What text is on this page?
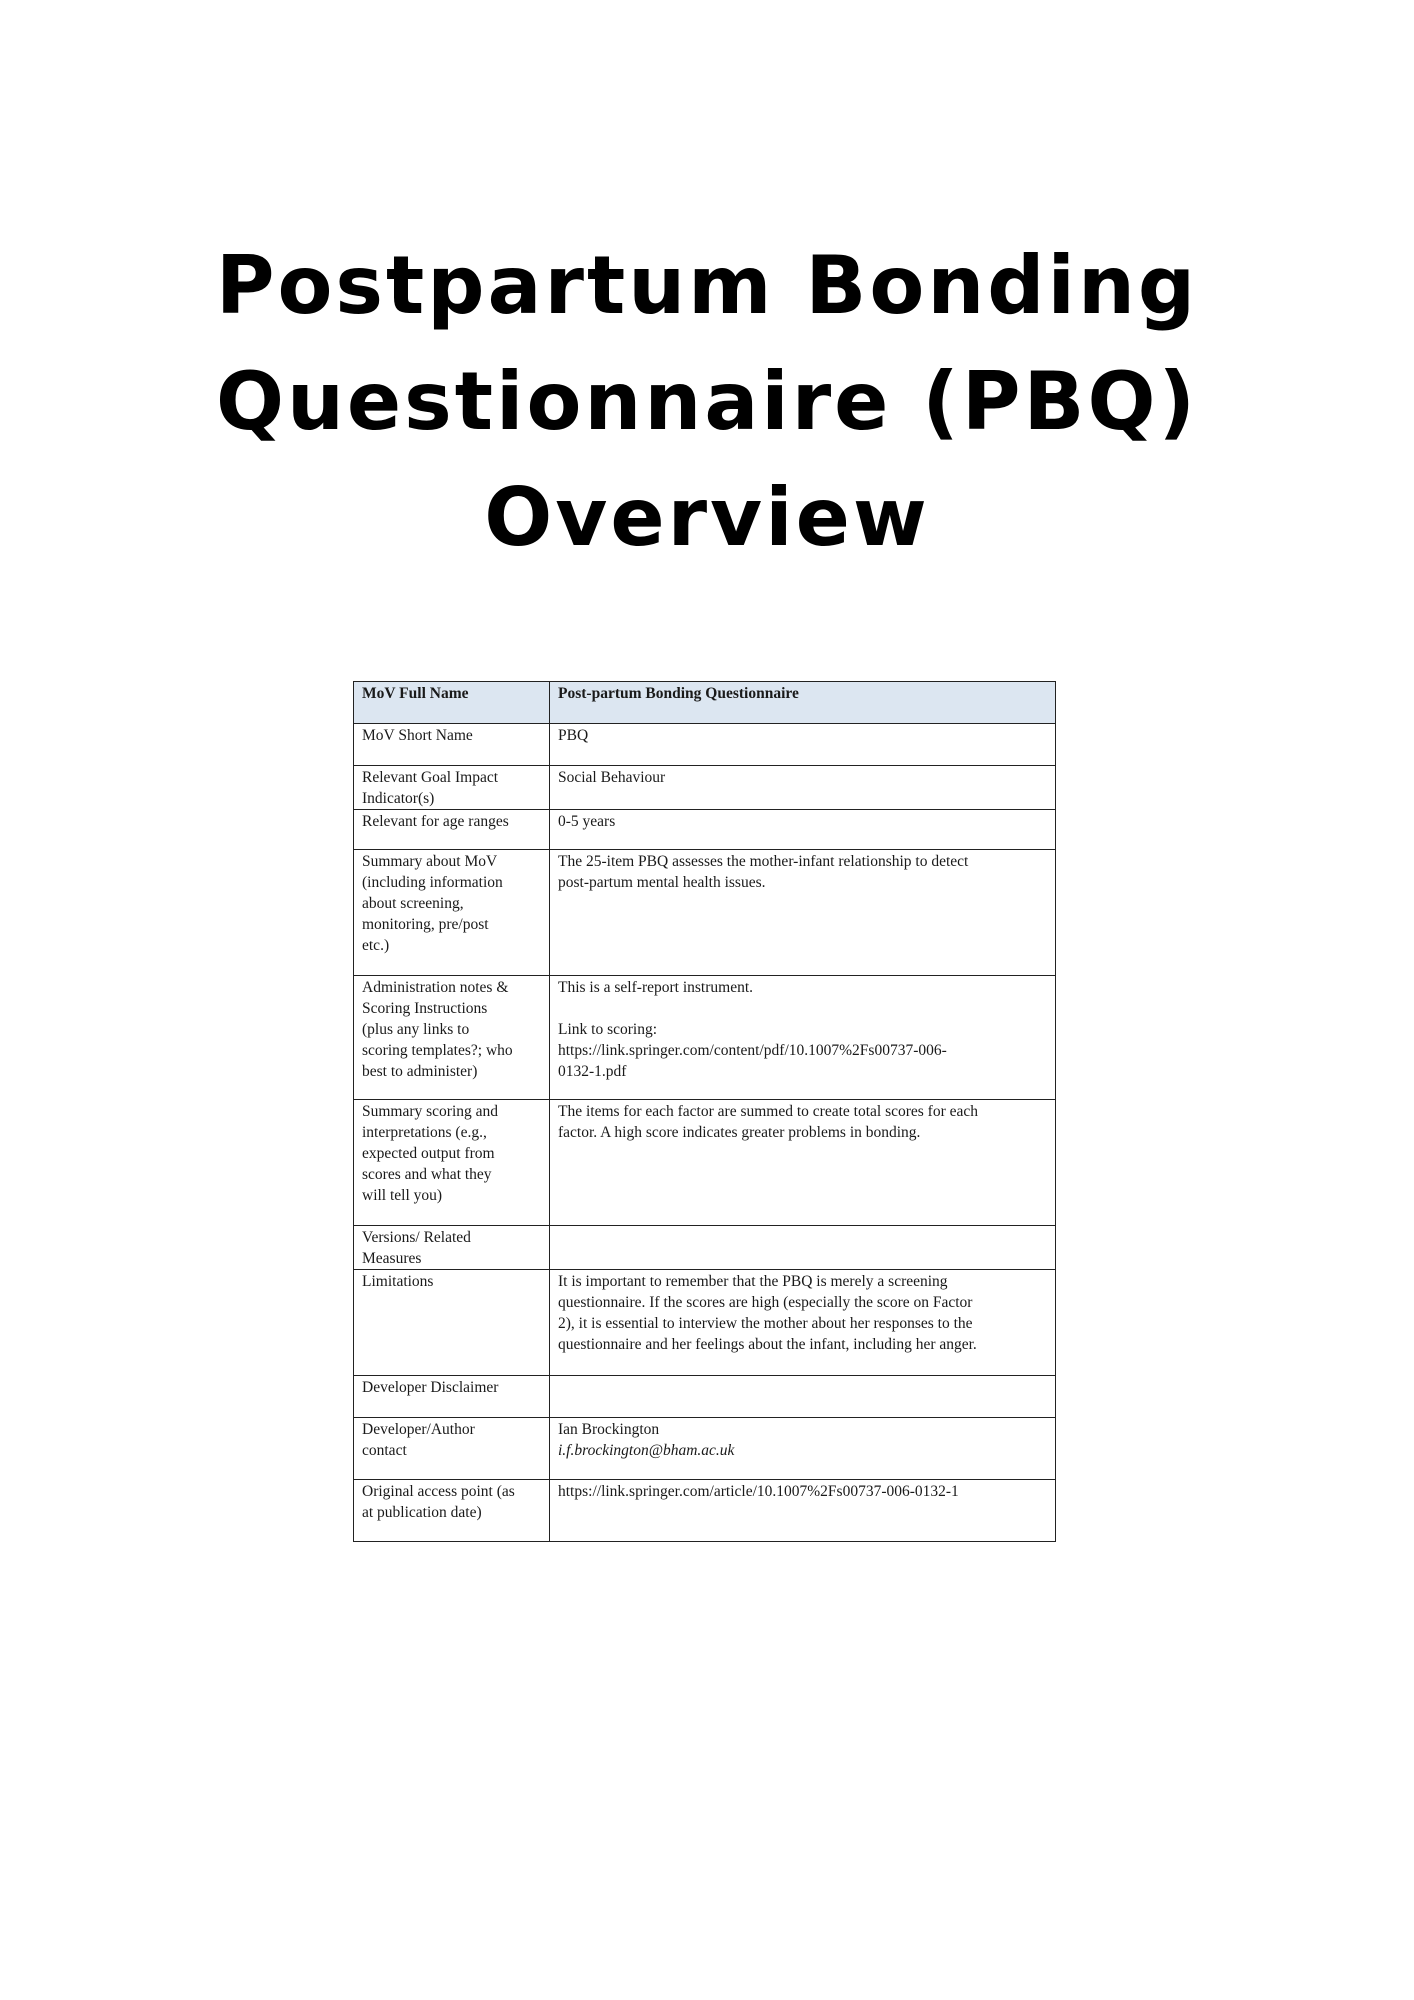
Postpartum Bonding
Questionnaire (PBQ)
Overview
MoV Full Name	Post-partum Bonding Questionnaire
MoV Short Name	PBQ

Relevant Goal Impact
Indicator(s)	Social Behaviour
Relevant for age ranges	0-5 years

Summary about MoV
(including information
about screening,
monitoring, pre/post
etc.)	The 25-item PBQ assesses the mother-infant relationship to detect
post-partum mental health issues.

Administration notes &
Scoring Instructions
(plus any links to
scoring templates?; who
best to administer)	This is a self-report instrument.
Link to scoring:
https://link.springer.com/content/pdf/10.1007%2Fs00737-006-
0132-1.pdf

Summary scoring and
interpretations (e.g.,
expected output from
scores and what they
will tell you)	The items for each factor are summed to create total scores for each
factor. A high score indicates greater problems in bonding.

Versions/ Related
Measures	

Limitations	It is important to remember that the PBQ is merely a screening
questionnaire. If the scores are high (especially the score on Factor
2), it is essential to interview the mother about her responses to the
questionnaire and her feelings about the infant, including her anger.

Developer Disclaimer	

Developer/Author
contact	Ian Brockington
i.f.brockington@bham.ac.uk

Original access point (as
at publication date)	https://link.springer.com/article/10.1007%2Fs00737-006-0132-1
